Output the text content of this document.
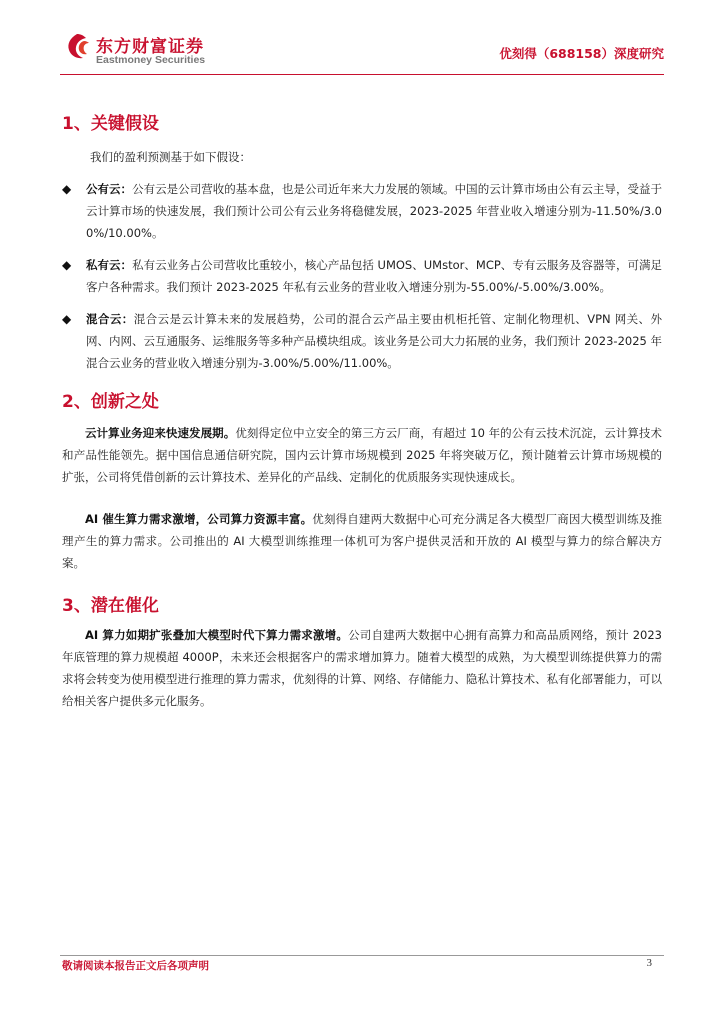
东方财富证券
Eastmoney Securities	优刻得（688158）深度研究
1、关键假设

我们的盈利预测基于如下假设：

◆ 公有云：公有云是公司营收的基本盘，也是公司近年来大力发展的领域。中国的云计算市场由公有云主导，受益于云计算市场的快速发展，我们预计公司公有云业务将稳健发展，2023-2025 年营业收入增速分别为-11.50%/3.00%/10.00%。

◆ 私有云：私有云业务占公司营收比重较小，核心产品包括 UMOS、UMstor、MCP、专有云服务及容器等，可满足客户各种需求。我们预计 2023-2025 年私有云业务的营业收入增速分别为-55.00%/-5.00%/3.00%。

◆ 混合云：混合云是云计算未来的发展趋势，公司的混合云产品主要由机柜托管、定制化物理机、VPN 网关、外网、内网、云互通服务、运维服务等多种产品模块组成。该业务是公司大力拓展的业务，我们预计 2023-2025 年混合云业务的营业收入增速分别为-3.00%/5.00%/11.00%。

2、创新之处

云计算业务迎来快速发展期。优刻得定位中立安全的第三方云厂商，有超过 10 年的公有云技术沉淀，云计算技术和产品性能领先。据中国信息通信研究院，国内云计算市场规模到 2025 年将突破万亿，预计随着云计算市场规模的扩张，公司将凭借创新的云计算技术、差异化的产品线、定制化的优质服务实现快速成长。

AI 催生算力需求激增，公司算力资源丰富。优刻得自建两大数据中心可充分满足各大模型厂商因大模型训练及推理产生的算力需求。公司推出的 AI 大模型训练推理一体机可为客户提供灵活和开放的 AI 模型与算力的综合解决方案。

3、潜在催化

AI 算力如期扩张叠加大模型时代下算力需求激增。公司自建两大数据中心拥有高算力和高品质网络，预计 2023 年底管理的算力规模超 4000P，未来还会根据客户的需求增加算力。随着大模型的成熟，为大模型训练提供算力的需求将会转变为使用模型进行推理的算力需求，优刻得的计算、网络、存储能力、隐私计算技术、私有化部署能力，可以给相关客户提供多元化服务。

敬请阅读本报告正文后各项声明	3
